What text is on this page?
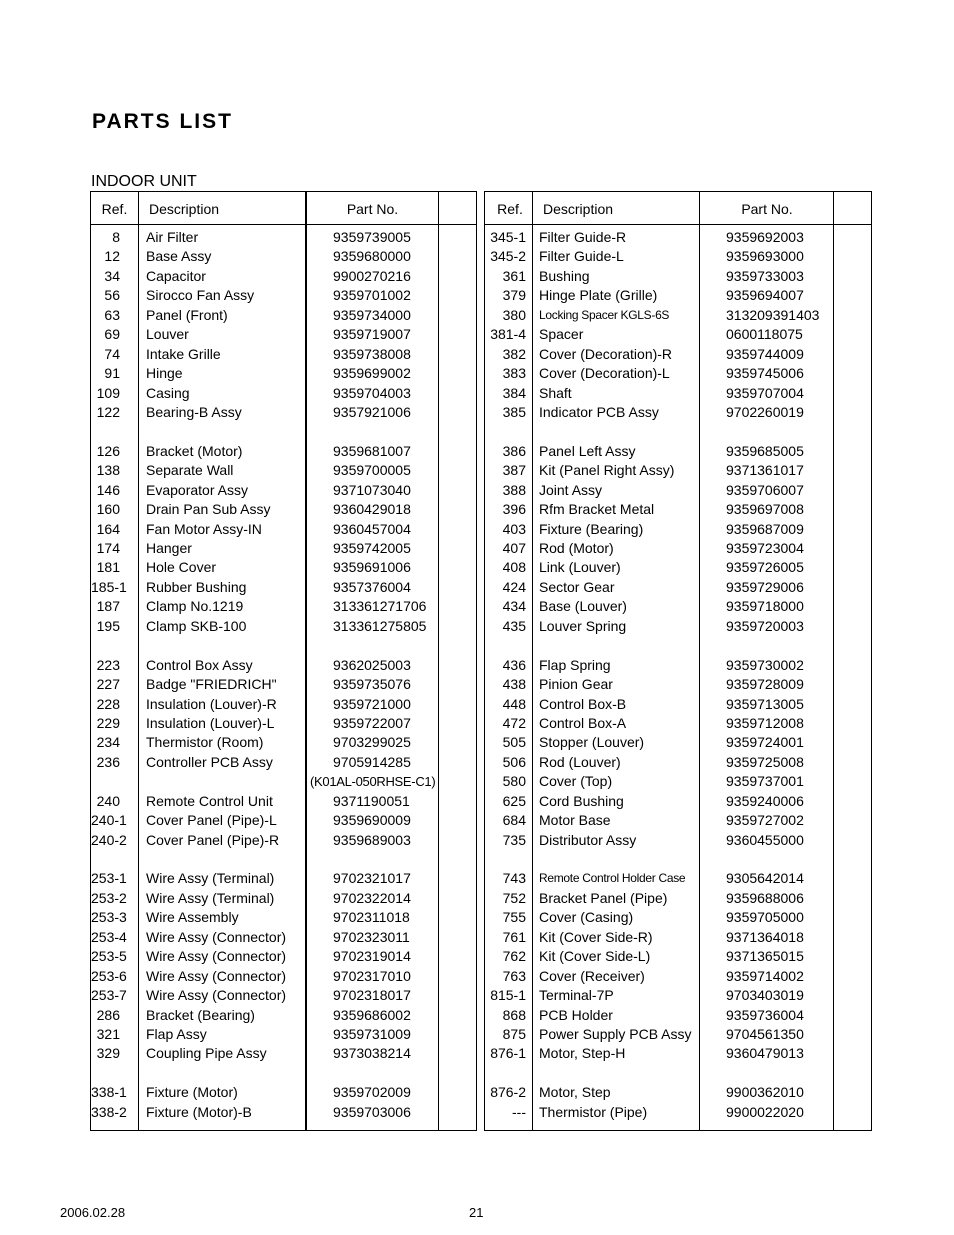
PARTS LIST
INDOOR UNIT
Ref.	Description	Part No.
8 Air Filter	9359739005
12 Base Assy	9359680000
34 Capacitor	9900270216
56 Sirocco Fan Assy	9359701002
63 Panel (Front)	9359734000
69 Louver	9359719007
74 Intake Grille	9359738008
91 Hinge	9359699002
109 Casing	9359704003
122 Bearing-B Assy	9357921006
126 Bracket (Motor)	9359681007
138 Separate Wall	9359700005
146 Evaporator Assy	9371073040
160 Drain Pan Sub Assy	9360429018
164 Fan Motor Assy-IN	9360457004
174 Hanger	9359742005
181 Hole Cover	9359691006
185-1 Rubber Bushing	9357376004
187 Clamp No.1219	313361271706
195 Clamp SKB-100	313361275805
223 Control Box Assy	9362025003
227 Badge "FRIEDRICH"	9359735076
228 Insulation (Louver)-R	9359721000
229 Insulation (Louver)-L	9359722007
234 Thermistor (Room)	9703299025
236 Controller PCB Assy	9705914285
(K01AL-050RHSE-C1)
240 Remote Control Unit	9371190051
240-1 Cover Panel (Pipe)-L	9359690009
240-2 Cover Panel (Pipe)-R	9359689003
253-1 Wire Assy (Terminal)	9702321017
253-2 Wire Assy (Terminal)	9702322014
253-3 Wire Assembly	9702311018
253-4 Wire Assy (Connector)	9702323011
253-5 Wire Assy (Connector)	9702319014
253-6 Wire Assy (Connector)	9702317010
253-7 Wire Assy (Connector)	9702318017
286 Bracket (Bearing)	9359686002
321 Flap Assy	9359731009
329 Coupling Pipe Assy	9373038214
338-1 Fixture (Motor)	9359702009
338-2 Fixture (Motor)-B	9359703006
Ref.	Description	Part No.
345-1 Filter Guide-R	9359692003
345-2 Filter Guide-L	9359693000
361 Bushing	9359733003
379 Hinge Plate (Grille)	9359694007
380 Locking Spacer KGLS-6S	313209391403
381-4 Spacer	0600118075
382 Cover (Decoration)-R	9359744009
383 Cover (Decoration)-L	9359745006
384 Shaft	9359707004
385 Indicator PCB Assy	9702260019
386 Panel Left Assy	9359685005
387 Kit (Panel Right Assy)	9371361017
388 Joint Assy	9359706007
396 Rfm Bracket Metal	9359697008
403 Fixture (Bearing)	9359687009
407 Rod (Motor)	9359723004
408 Link (Louver)	9359726005
424 Sector Gear	9359729006
434 Base (Louver)	9359718000
435 Louver Spring	9359720003
436 Flap Spring	9359730002
438 Pinion Gear	9359728009
448 Control Box-B	9359713005
472 Control Box-A	9359712008
505 Stopper (Louver)	9359724001
506 Rod (Louver)	9359725008
580 Cover (Top)	9359737001
625 Cord Bushing	9359240006
684 Motor Base	9359727002
735 Distributor Assy	9360455000
743 Remote Control Holder Case	9305642014
752 Bracket Panel (Pipe)	9359688006
755 Cover (Casing)	9359705000
761 Kit (Cover Side-R)	9371364018
762 Kit (Cover Side-L)	9371365015
763 Cover (Receiver)	9359714002
815-1 Terminal-7P	9703403019
868 PCB Holder	9359736004
875 Power Supply PCB Assy 9704561350
876-1 Motor, Step-H	9360479013
876-2 Motor, Step	9900362010
--- Thermistor (Pipe)	9900022020
2006.02.28	21
